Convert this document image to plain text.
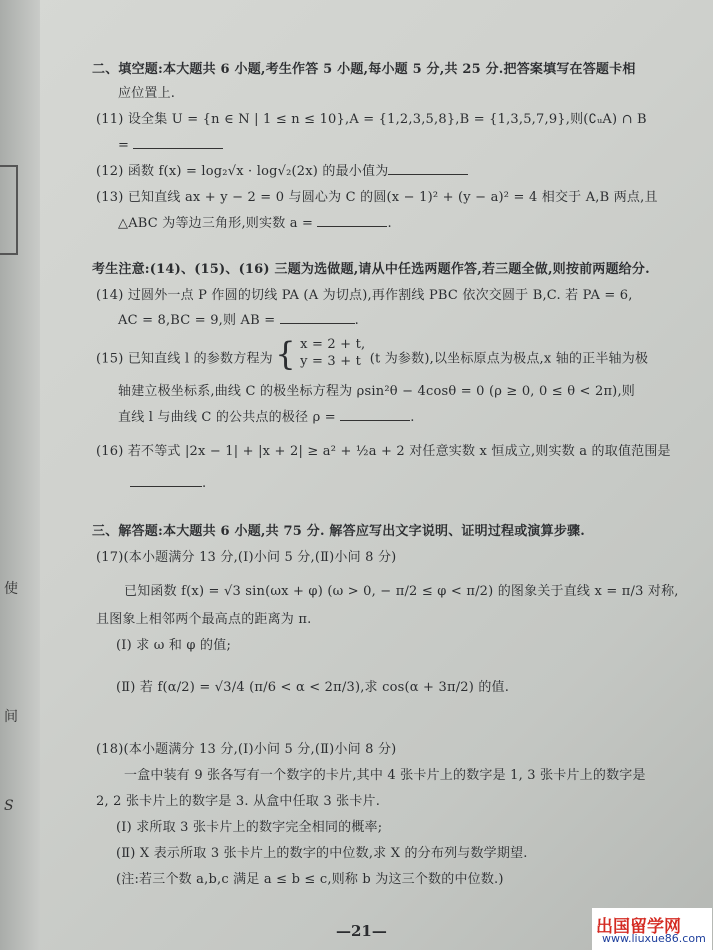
使
间
S
二、填空题:本大题共 6 小题,考生作答 5 小题,每小题 5 分,共 25 分.把答案填写在答题卡相
应位置上.
(11) 设全集 U = {n ∈ N | 1 ≤ n ≤ 10},A = {1,2,3,5,8},B = {1,3,5,7,9},则(∁ᵤA) ∩ B
=
(12) 函数 f(x) = log₂√x · log√₂(2x) 的最小值为
(13) 已知直线 ax + y − 2 = 0 与圆心为 C 的圆(x − 1)² + (y − a)² = 4 相交于 A,B 两点,且
△ABC 为等边三角形,则实数 a =	.
考生注意:(14)、(15)、(16) 三题为选做题,请从中任选两题作答,若三题全做,则按前两题给分.
(14) 过圆外一点 P 作圆的切线 PA (A 为切点),再作割线 PBC 依次交圆于 B,C. 若 PA = 6,
AC = 8,BC = 9,则 AB =	.
(15) 已知直线 l 的参数方程为 { x = 2 + t,
y = 3 + t (t 为参数),以坐标原点为极点,x 轴的正半轴为极
轴建立极坐标系,曲线 C 的极坐标方程为 ρsin²θ − 4cosθ = 0 (ρ ≥ 0, 0 ≤ θ < 2π),则
直线 l 与曲线 C 的公共点的极径 ρ =	.
(16) 若不等式 |2x − 1| + |x + 2| ≥ a² + ½a + 2 对任意实数 x 恒成立,则实数 a 的取值范围是
.
三、解答题:本大题共 6 小题,共 75 分. 解答应写出文字说明、证明过程或演算步骤.
(17)(本小题满分 13 分,(Ⅰ)小问 5 分,(Ⅱ)小问 8 分)
已知函数 f(x) = √3 sin(ωx + φ) (ω > 0, − π/2 ≤ φ < π/2) 的图象关于直线 x = π/3 对称,
且图象上相邻两个最高点的距离为 π.
(Ⅰ) 求 ω 和 φ 的值;
(Ⅱ) 若 f(α/2) = √3/4 (π/6 < α < 2π/3),求 cos(α + 3π/2) 的值.
(18)(本小题满分 13 分,(Ⅰ)小问 5 分,(Ⅱ)小问 8 分)
一盒中装有 9 张各写有一个数字的卡片,其中 4 张卡片上的数字是 1, 3 张卡片上的数字是
2, 2 张卡片上的数字是 3. 从盒中任取 3 张卡片.
(Ⅰ) 求所取 3 张卡片上的数字完全相同的概率;
(Ⅱ) X 表示所取 3 张卡片上的数字的中位数,求 X 的分布列与数学期望.
(注:若三个数 a,b,c 满足 a ≤ b ≤ c,则称 b 为这三个数的中位数.)
—21—	出国留学网
www.liuxue86.com
